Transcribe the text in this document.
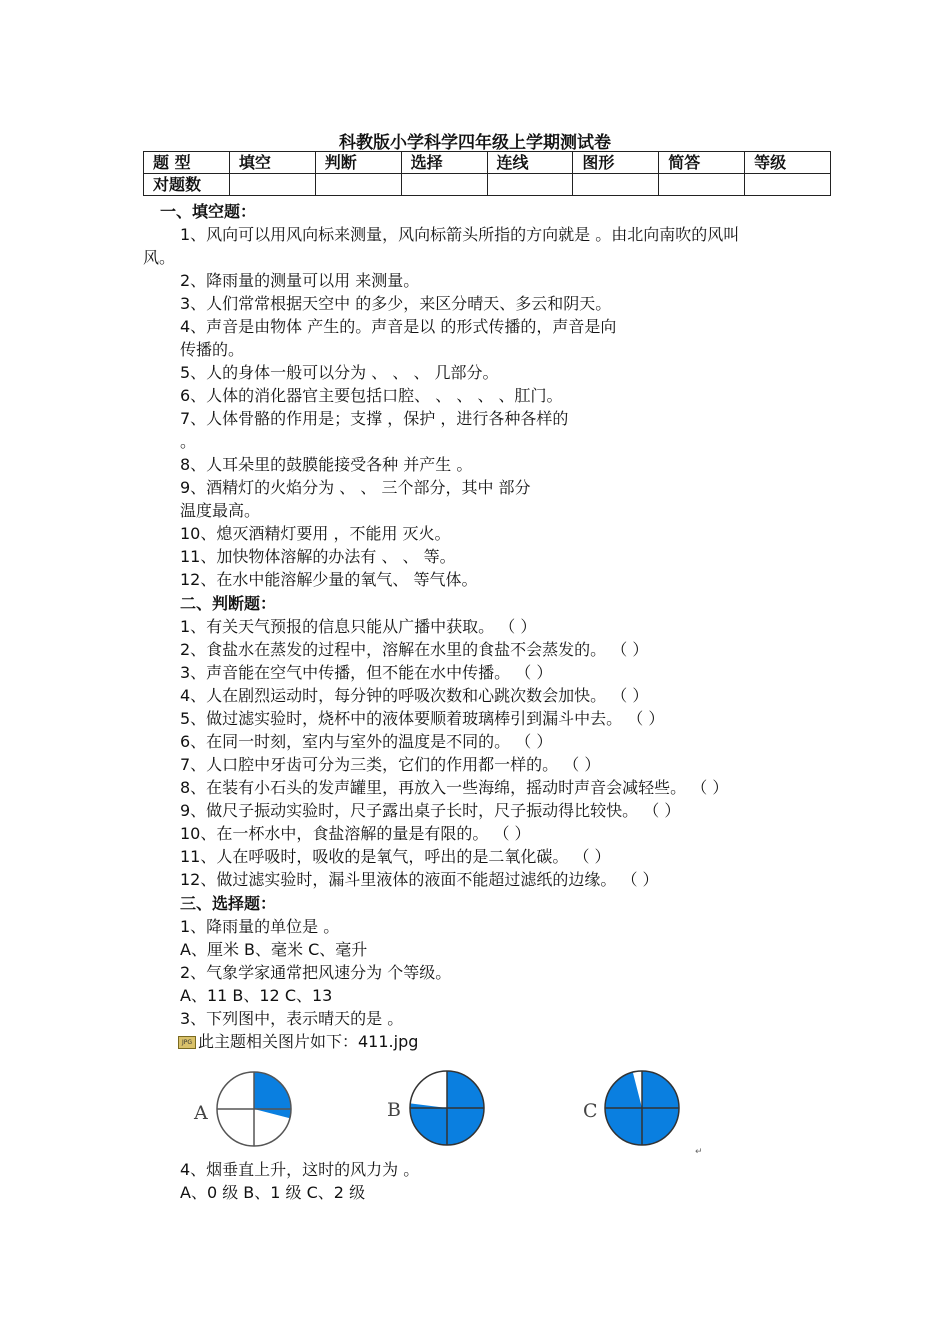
科教版小学科学四年级上学期测试卷
题 型	填空	判断	选择	连线	图形	简答	等级
对题数							
一、填空题：
1、风向可以用风向标来测量，风向标箭头所指的方向就是 。由北向南吹的风叫
风。
2、降雨量的测量可以用 来测量。
3、人们常常根据天空中 的多少，来区分晴天、多云和阴天。
4、声音是由物体 产生的。声音是以 的形式传播的，声音是向
传播的。
5、人的身体一般可以分为 、 、 、 几部分。
6、人体的消化器官主要包括口腔、 、 、 、 、肛门。
7、人体骨骼的作用是；支撑 ，保护 ，进行各种各样的
。
8、人耳朵里的鼓膜能接受各种 并产生 。
9、酒精灯的火焰分为 、 、 三个部分，其中 部分
温度最高。
10、熄灭酒精灯要用 ，不能用 灭火。
11、加快物体溶解的办法有 、 、 等。
12、在水中能溶解少量的氧气、 等气体。
二、判断题：
1、有关天气预报的信息只能从广播中获取。 （ ）
2、食盐水在蒸发的过程中，溶解在水里的食盐不会蒸发的。 （ ）
3、声音能在空气中传播，但不能在水中传播。 （ ）
4、人在剧烈运动时，每分钟的呼吸次数和心跳次数会加快。 （ ）
5、做过滤实验时，烧杯中的液体要顺着玻璃棒引到漏斗中去。 （ ）
6、在同一时刻，室内与室外的温度是不同的。 （ ）
7、人口腔中牙齿可分为三类，它们的作用都一样的。 （ ）
8、在装有小石头的发声罐里，再放入一些海绵，摇动时声音会减轻些。 （ ）
9、做尺子振动实验时，尺子露出桌子长时，尺子振动得比较快。 （ ）
10、在一杯水中，食盐溶解的量是有限的。 （ ）
11、人在呼吸时，吸收的是氧气，呼出的是二氧化碳。 （ ）
12、做过滤实验时，漏斗里液体的液面不能超过滤纸的边缘。 （ ）
三、选择题：
1、降雨量的单位是 。
A、厘米 B、毫米 C、毫升
2、气象学家通常把风速分为 个等级。
A、11 B、12 C、13
3、下列图中，表示晴天的是 。
JPG 此主题相关图片如下：411.jpg
A	B	C
↵
4、烟垂直上升，这时的风力为 。
A、0 级 B、1 级 C、2 级
